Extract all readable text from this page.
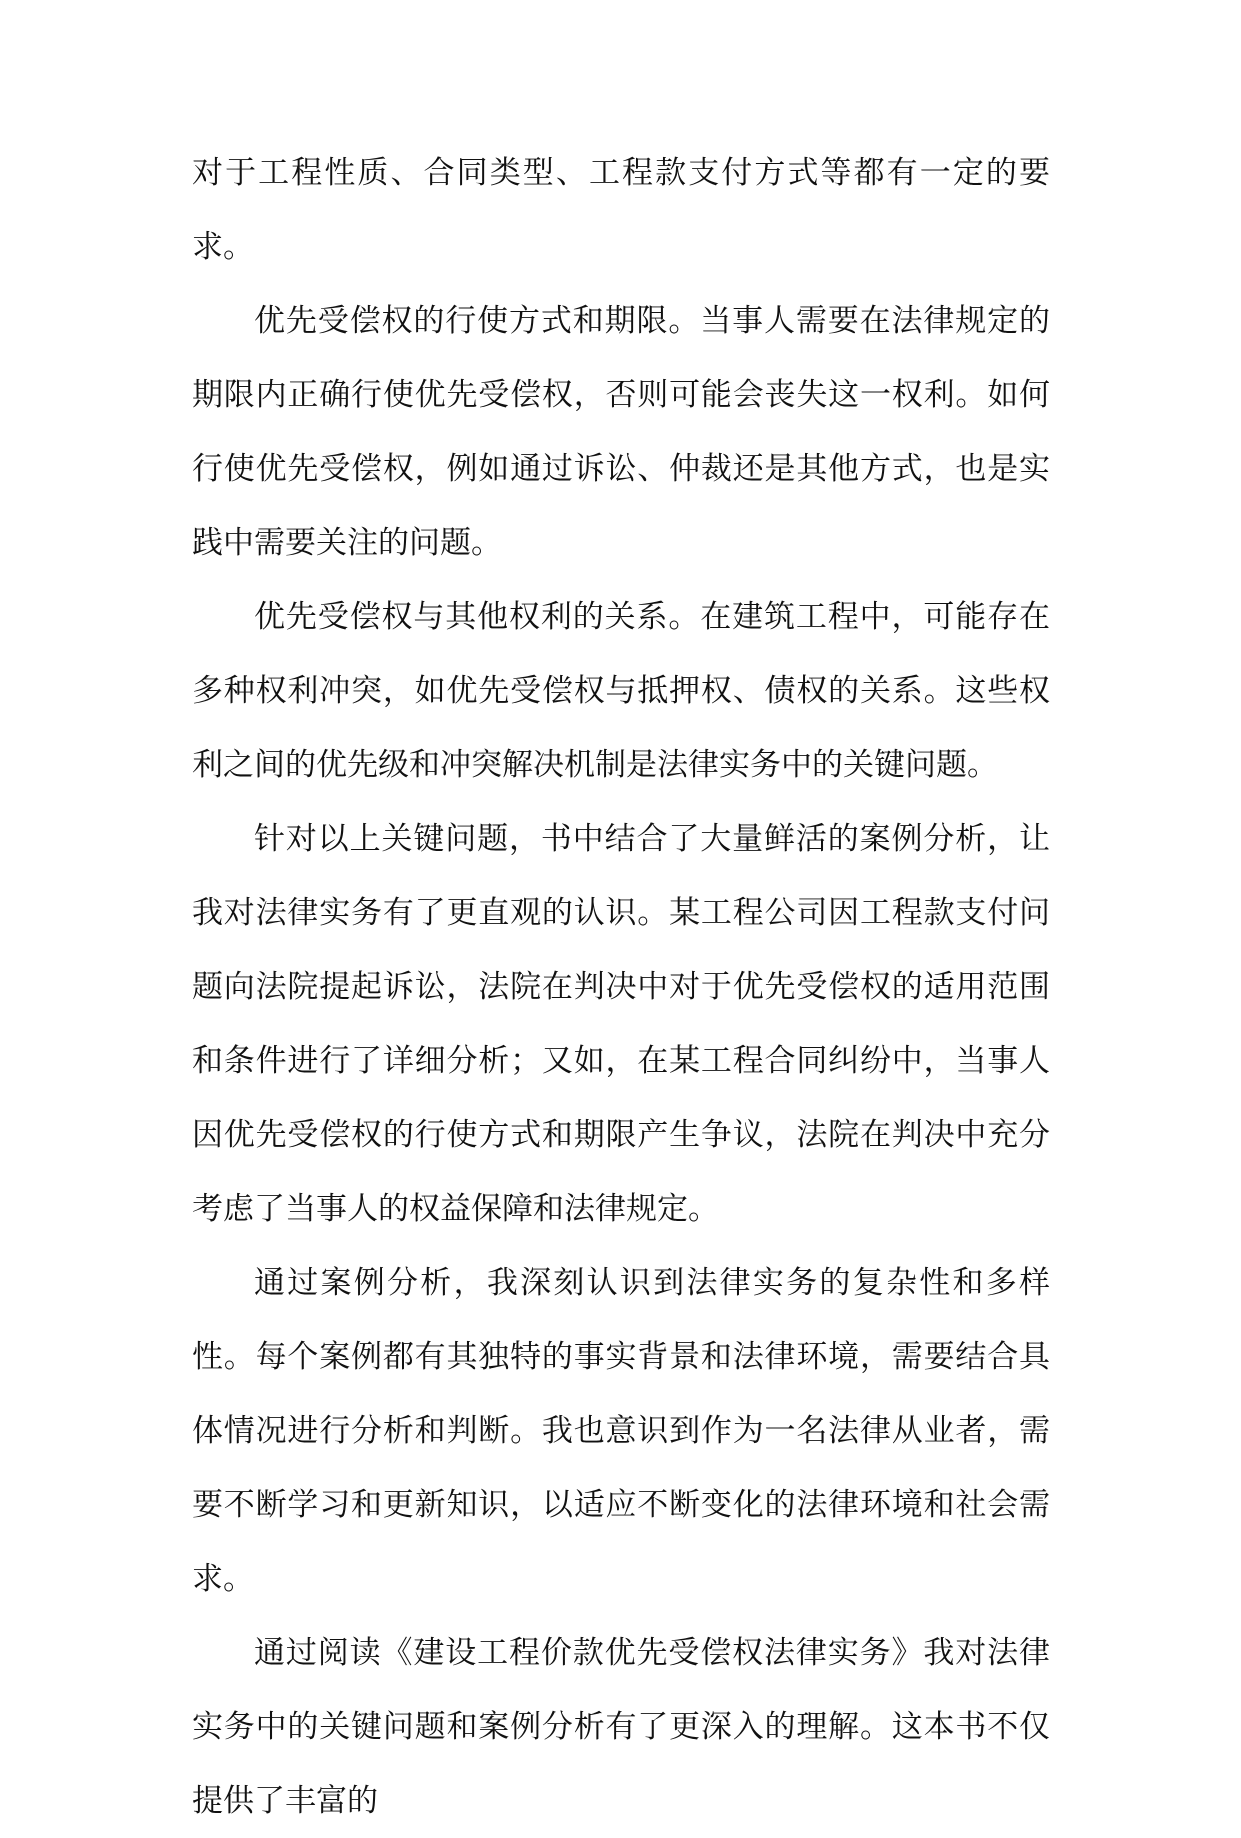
对于工程性质、合同类型、工程款支付方式等都有一定的要求。

优先受偿权的行使方式和期限。当事人需要在法律规定的期限内正确行使优先受偿权，否则可能会丧失这一权利。如何行使优先受偿权，例如通过诉讼、仲裁还是其他方式，也是实践中需要关注的问题。

优先受偿权与其他权利的关系。在建筑工程中，可能存在多种权利冲突，如优先受偿权与抵押权、债权的关系。这些权利之间的优先级和冲突解决机制是法律实务中的关键问题。

针对以上关键问题，书中结合了大量鲜活的案例分析，让我对法律实务有了更直观的认识。某工程公司因工程款支付问题向法院提起诉讼，法院在判决中对于优先受偿权的适用范围和条件进行了详细分析；又如，在某工程合同纠纷中，当事人因优先受偿权的行使方式和期限产生争议，法院在判决中充分考虑了当事人的权益保障和法律规定。

通过案例分析，我深刻认识到法律实务的复杂性和多样性。每个案例都有其独特的事实背景和法律环境，需要结合具体情况进行分析和判断。我也意识到作为一名法律从业者，需要不断学习和更新知识，以适应不断变化的法律环境和社会需求。

通过阅读《建设工程价款优先受偿权法律实务》我对法律实务中的关键问题和案例分析有了更深入的理解。这本书不仅提供了丰富的
